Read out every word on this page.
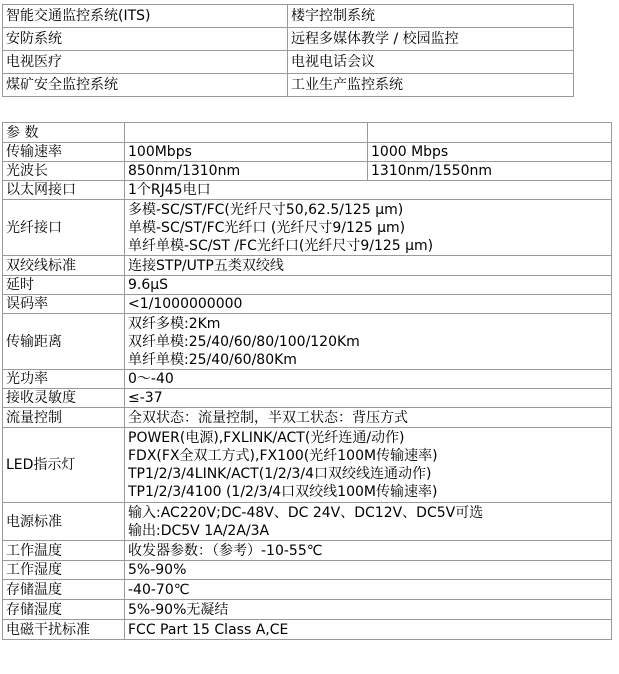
智能交通监控系统(ITS)	楼宇控制系统
安防系统	远程多媒体教学 / 校园监控
电视医疗	电视电话会议
煤矿安全监控系统	工业生产监控系统
参 数		
传输速率	100Mbps	1000 Mbps
光波长	850nm/1310nm	1310nm/1550nm
以太网接口	1个RJ45电口	
光纤接口	多模-SC/ST/FC(光纤尺寸50,62.5/125 μm)
单模-SC/ST/FC光纤口 (光纤尺寸9/125 μm)
单纤单模-SC/ST /FC光纤口(光纤尺寸9/125 μm)	

双绞线标准	连接STP/UTP五类双绞线	
延时	9.6μS	
误码率	<1/1000000000	
传输距离	双纤多模:2Km
双纤单模:25/40/60/80/100/120Km
单纤单模:25/40/60/80Km	

光功率	0～-40	
接收灵敏度	≤-37	
流量控制	全双状态：流量控制，半双工状态：背压方式	
LED指示灯	POWER(电源),FXLINK/ACT(光纤连通/动作)
FDX(FX全双工方式),FX100(光纤100M传输速率)
TP1/2/3/4LINK/ACT(1/2/3/4口双绞线连通动作)
TP1/2/3/4100 (1/2/3/4口双绞线100M传输速率)	

电源标准	输入:AC220V;DC-48V、DC 24V、DC12V、DC5V可选
输出:DC5V 1A/2A/3A	

工作温度	收发器参数：（参考）-10-55℃	
工作湿度	5%-90%	
存储温度	-40-70℃	
存储湿度	5%-90%无凝结	
电磁干扰标准	FCC Part 15 Class A,CE	
